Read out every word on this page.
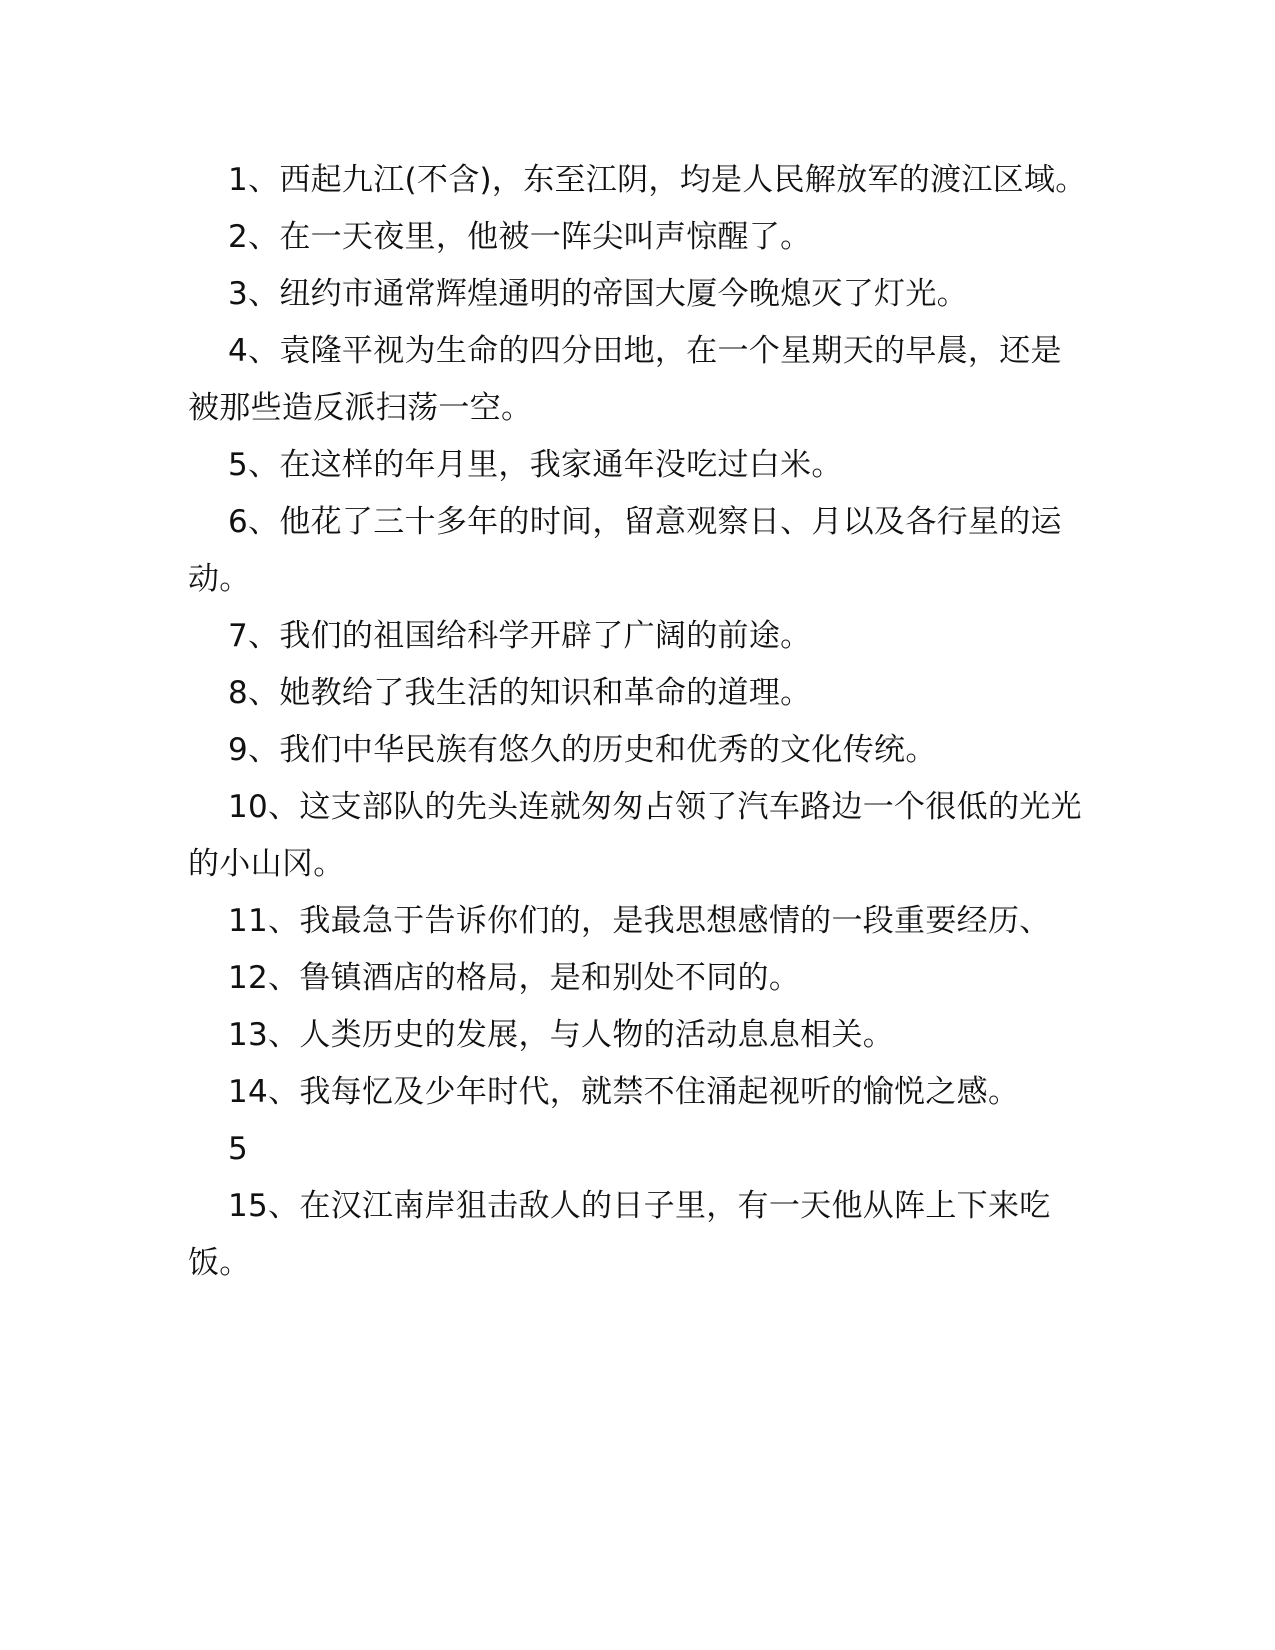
1、西起九江(不含)，东至江阴，均是人民解放军的渡江区域。

2、在一天夜里，他被一阵尖叫声惊醒了。

3、纽约市通常辉煌通明的帝国大厦今晚熄灭了灯光。

4、袁隆平视为生命的四分田地，在一个星期天的早晨，还是被那些造反派扫荡一空。

5、在这样的年月里，我家通年没吃过白米。

6、他花了三十多年的时间，留意观察日、月以及各行星的运动。

7、我们的祖国给科学开辟了广阔的前途。

8、她教给了我生活的知识和革命的道理。

9、我们中华民族有悠久的历史和优秀的文化传统。

10、这支部队的先头连就匆匆占领了汽车路边一个很低的光光的小山冈。

11、我最急于告诉你们的，是我思想感情的一段重要经历、

12、鲁镇酒店的格局，是和别处不同的。

13、人类历史的发展，与人物的活动息息相关。

14、我每忆及少年时代，就禁不住涌起视听的愉悦之感。

5

15、在汉江南岸狙击敌人的日子里，有一天他从阵上下来吃饭。
